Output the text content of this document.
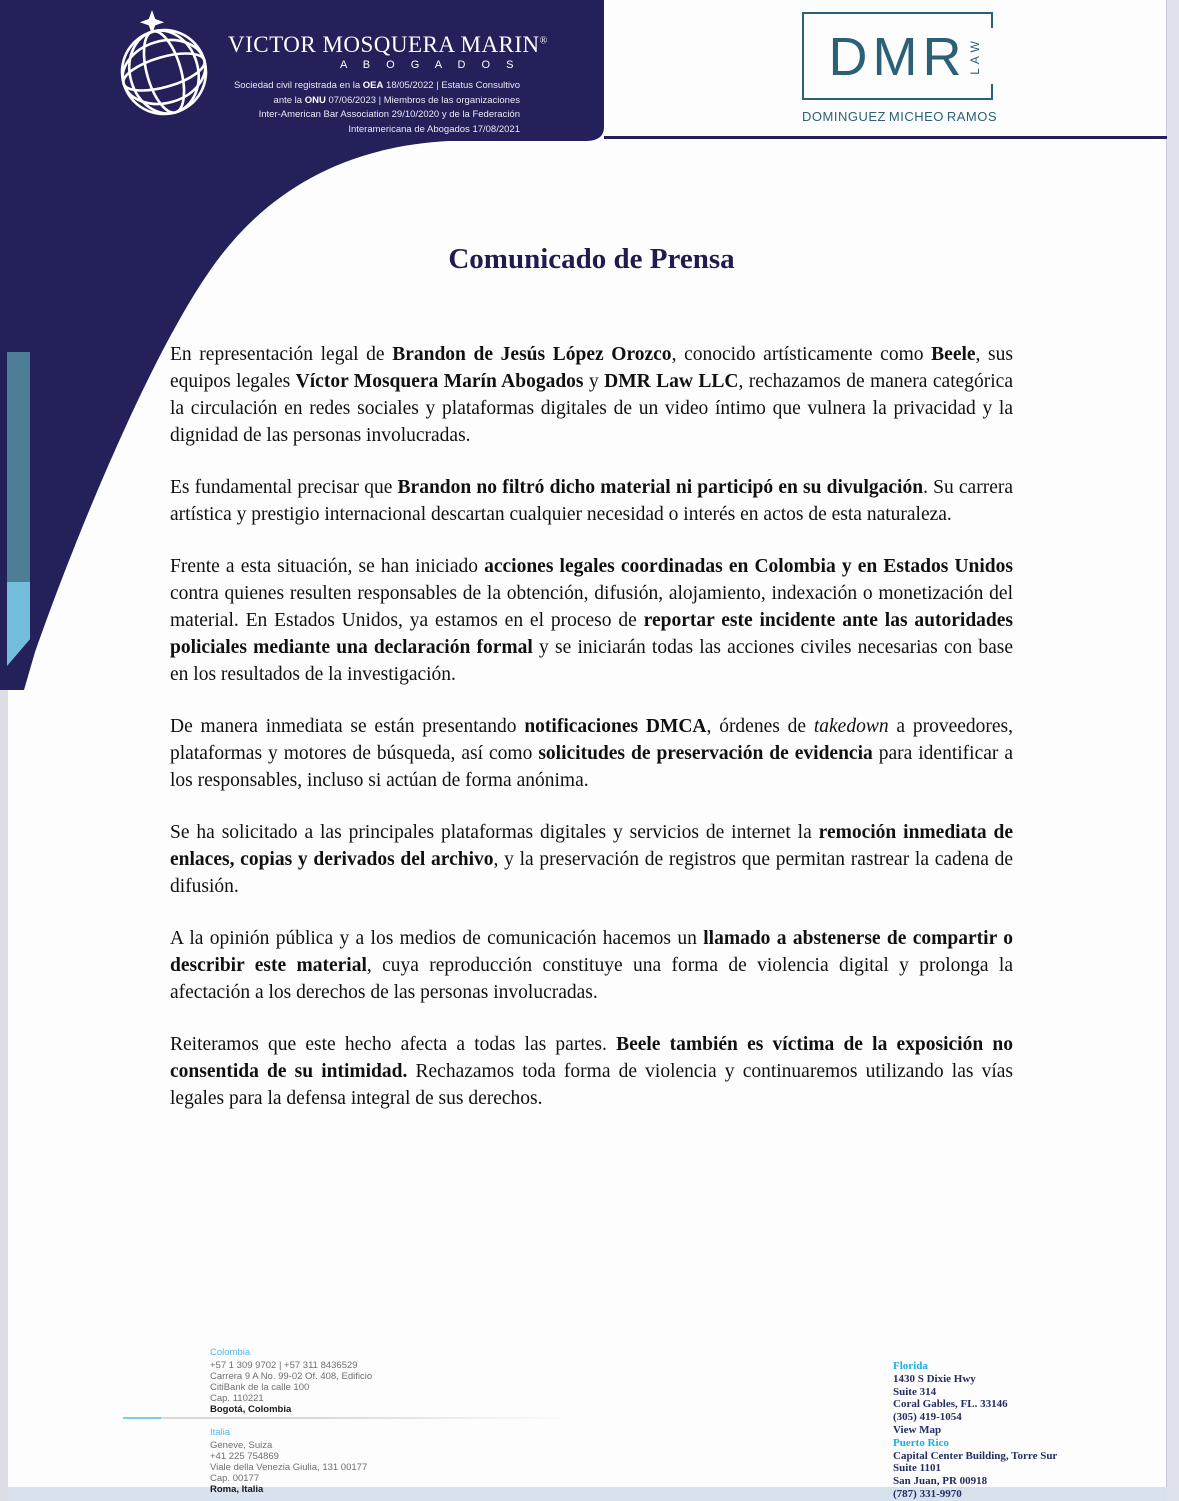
VICTOR MOSQUERA MARIN®
A B O G A D O S
Sociedad civil registrada en la OEA 18/05/2022 | Estatus Consultivo
ante la ONU 07/06/2023 | Miembros de las organizaciones
Inter-American Bar Association 29/10/2020 y de la Federación
Interamericana de Abogados 17/08/2021
DMR LAW
DOMINGUEZ MICHEO RAMOS
Comunicado de Prensa

En representación legal de Brandon de Jesús López Orozco, conocido artísticamente como Beele, sus equipos legales Víctor Mosquera Marín Abogados y DMR Law LLC, rechazamos de manera categórica la circulación en redes sociales y plataformas digitales de un video íntimo que vulnera la privacidad y la dignidad de las personas involucradas.

Es fundamental precisar que Brandon no filtró dicho material ni participó en su divulgación. Su carrera artística y prestigio internacional descartan cualquier necesidad o interés en actos de esta naturaleza.

Frente a esta situación, se han iniciado acciones legales coordinadas en Colombia y en Estados Unidos contra quienes resulten responsables de la obtención, difusión, alojamiento, indexación o monetización del material. En Estados Unidos, ya estamos en el proceso de reportar este incidente ante las autoridades policiales mediante una declaración formal y se iniciarán todas las acciones civiles necesarias con base en los resultados de la investigación.

De manera inmediata se están presentando notificaciones DMCA, órdenes de takedown a proveedores, plataformas y motores de búsqueda, así como solicitudes de preservación de evidencia para identificar a los responsables, incluso si actúan de forma anónima.

Se ha solicitado a las principales plataformas digitales y servicios de internet la remoción inmediata de enlaces, copias y derivados del archivo, y la preservación de registros que permitan rastrear la cadena de difusión.

A la opinión pública y a los medios de comunicación hacemos un llamado a abstenerse de compartir o describir este material, cuya reproducción constituye una forma de violencia digital y prolonga la afectación a los derechos de las personas involucradas.

Reiteramos que este hecho afecta a todas las partes. Beele también es víctima de la exposición no consentida de su intimidad. Rechazamos toda forma de violencia y continuaremos utilizando las vías legales para la defensa integral de sus derechos.

Colombia
+57 1 309 9702 | +57 311 8436529
Carrera 9 A No. 99-02 Of. 408, Edificio
CitiBank de la calle 100
Cap. 110221
Bogotá, Colombia
Italia
Geneve, Suiza
+41 225 754869
Viale della Venezia Giulia, 131 00177
Cap. 00177
Roma, Italia
Florida
1430 S Dixie Hwy
Suite 314
Coral Gables, FL. 33146
(305) 419-1054
View Map
Puerto Rico
Capital Center Building, Torre Sur
Suite 1101
San Juan, PR 00918
(787) 331-9970
